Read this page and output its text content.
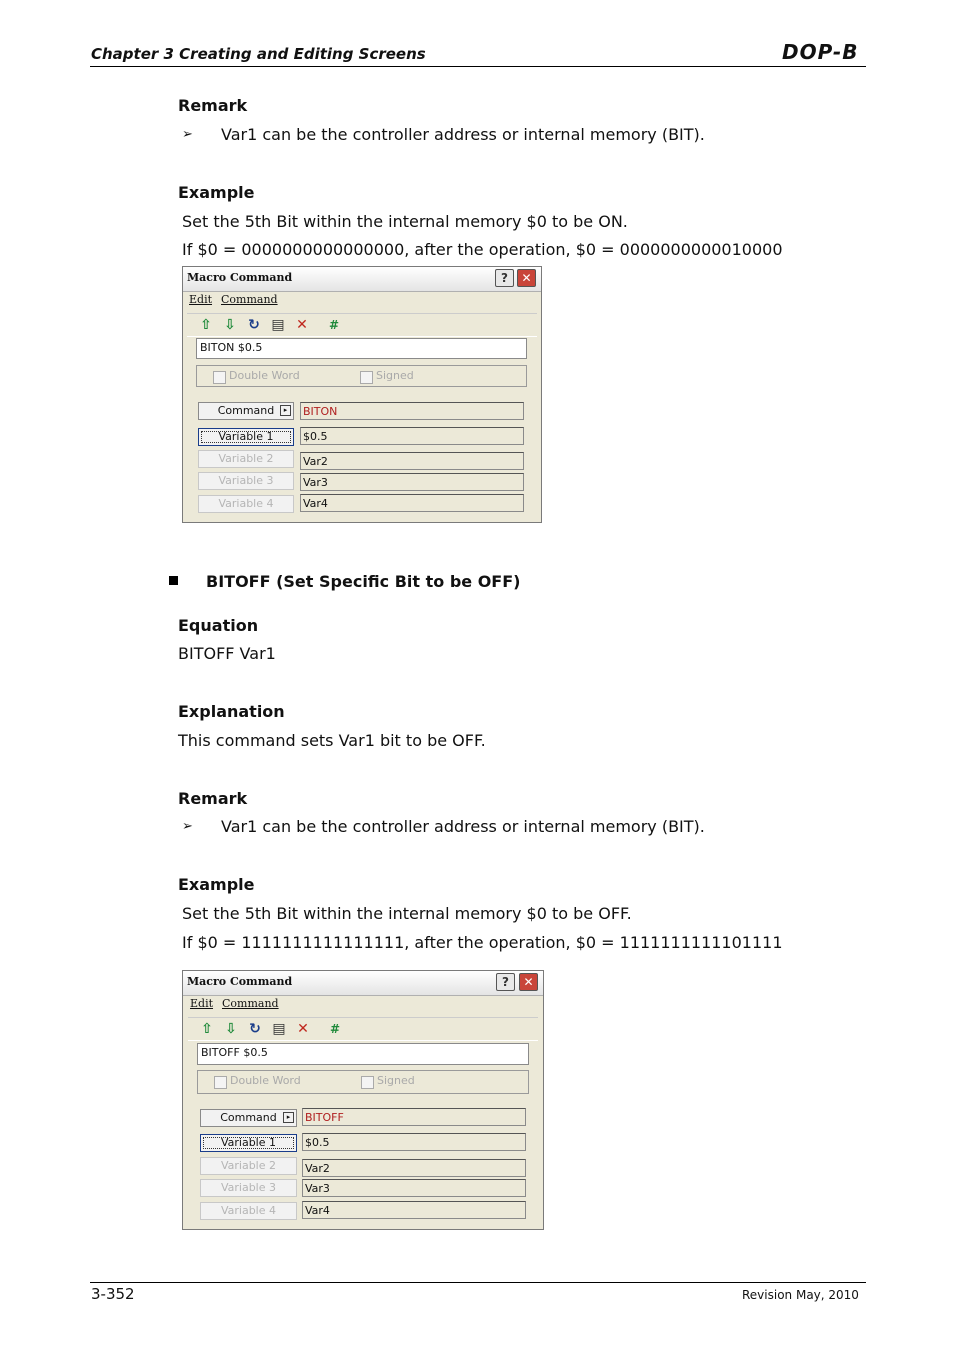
Chapter 3 Creating and Editing Screens	DOP-B
Remark
➢ Var1 can be the controller address or internal memory (BIT).
Example
Set the 5th Bit within the internal memory $0 to be ON.
If $0 = 0000000000000000, after the operation, $0 = 0000000000010000
Macro Command	?	✕
Edit Command
⇧ ⇩ ↻ ▤ ✕	#
BITON $0.5
Double Word	Signed
Command	▸	BITON
Variable 1	$0.5
Variable 2	Var2
Variable 3	Var3
Variable 4	Var4
BITOFF (Set Specific Bit to be OFF)
Equation
BITOFF Var1
Explanation
This command sets Var1 bit to be OFF.
Remark
➢ Var1 can be the controller address or internal memory (BIT).
Example
Set the 5th Bit within the internal memory $0 to be OFF.
If $0 = 1111111111111111, after the operation, $0 = 1111111111101111
Macro Command	?	✕
Edit Command
⇧ ⇩ ↻ ▤ ✕	#
BITOFF $0.5
Double Word	Signed
Command	▸	BITOFF
Variable 1	$0.5
Variable 2	Var2
Variable 3	Var3
Variable 4	Var4
3-352	Revision May, 2010
